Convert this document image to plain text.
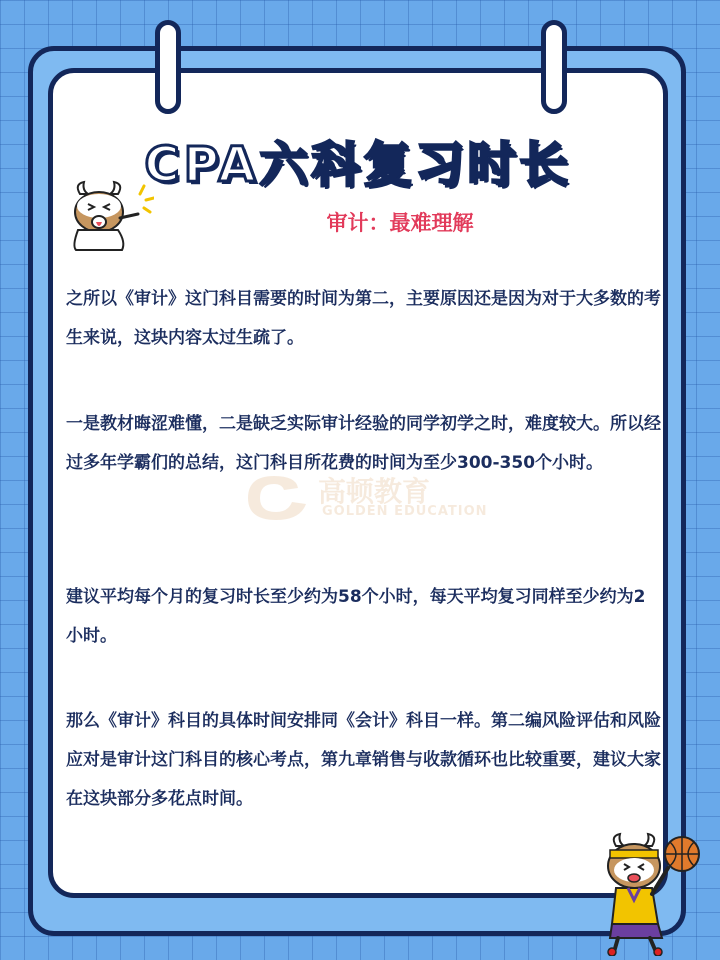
CPA六科复习时长
审计：最难理解

之所以《审计》这门科目需要的时间为第二，主要原因还是因为对于大多数的考生来说，这块内容太过生疏了。

一是教材晦涩难懂，二是缺乏实际审计经验的同学初学之时，难度较大。所以经过多年学霸们的总结，这门科目所花费的时间为至少300-350个小时。

高顿教育
GOLDEN EDUCATION

建议平均每个月的复习时长至少约为58个小时，每天平均复习同样至少约为2小时。

那么《审计》科目的具体时间安排同《会计》科目一样。第二编风险评估和风险应对是审计这门科目的核心考点，第九章销售与收款循环也比较重要，建议大家在这块部分多花点时间。
